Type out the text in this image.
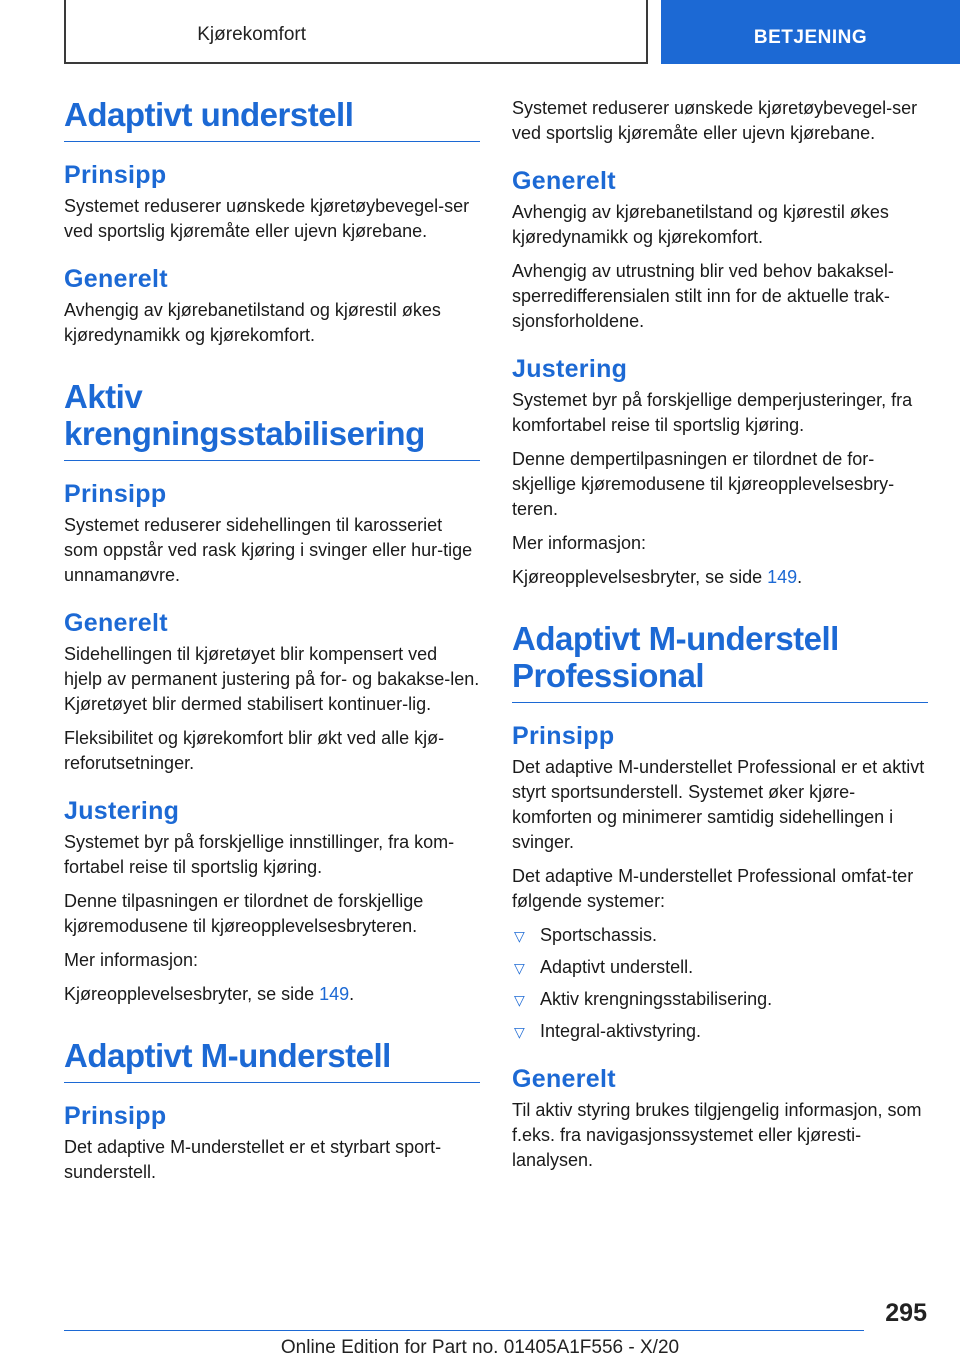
Kjørekomfort	BETJENING
Adaptivt understell
Prinsipp
Systemet reduserer uønskede kjøretøybevegel-ser ved sportslig kjøremåte eller ujevn kjørebane.
Generelt
Avhengig av kjørebanetilstand og kjørestil økes kjøredynamikk og kjørekomfort.
Aktiv krengningsstabilisering
Prinsipp
Systemet reduserer sidehellingen til karosseriet som oppstår ved rask kjøring i svinger eller hur-tige unnamanøvre.
Generelt
Sidehellingen til kjøretøyet blir kompensert ved hjelp av permanent justering på for- og bakakse-len. Kjøretøyet blir dermed stabilisert kontinuer-lig.
Fleksibilitet og kjørekomfort blir økt ved alle kjø-reforutsetninger.
Justering
Systemet byr på forskjellige innstillinger, fra kom-fortabel reise til sportslig kjøring.
Denne tilpasningen er tilordnet de forskjellige kjøremodusene til kjøreopplevelsesbryteren.
Mer informasjon:
Kjøreopplevelsesbryter, se side 149.
Adaptivt M-understell
Prinsipp
Det adaptive M-understellet er et styrbart sport-sunderstell.
Systemet reduserer uønskede kjøretøybevegel-ser ved sportslig kjøremåte eller ujevn kjørebane.
Generelt
Avhengig av kjørebanetilstand og kjørestil økes kjøredynamikk og kjørekomfort.
Avhengig av utrustning blir ved behov bakaksel-sperredifferensialen stilt inn for de aktuelle trak-sjonsforholdene.
Justering
Systemet byr på forskjellige demperjusteringer, fra komfortabel reise til sportslig kjøring.
Denne dempertilpasningen er tilordnet de for-skjellige kjøremodusene til kjøreopplevelsesbry-teren.
Mer informasjon:
Kjøreopplevelsesbryter, se side 149.
Adaptivt M-understell Professional
Prinsipp
Det adaptive M-understellet Professional er et aktivt styrt sportsunderstell. Systemet øker kjøre-komforten og minimerer samtidig sidehellingen i svinger.
Det adaptive M-understellet Professional omfat-ter følgende systemer:
▽ Sportschassis.
▽ Adaptivt understell.
▽ Aktiv krengningsstabilisering.
▽ Integral-aktivstyring.
Generelt
Til aktiv styring brukes tilgjengelig informasjon, som f.eks. fra navigasjonssystemet eller kjøresti-lanalysen.
295
Online Edition for Part no. 01405A1F556 - X/20
